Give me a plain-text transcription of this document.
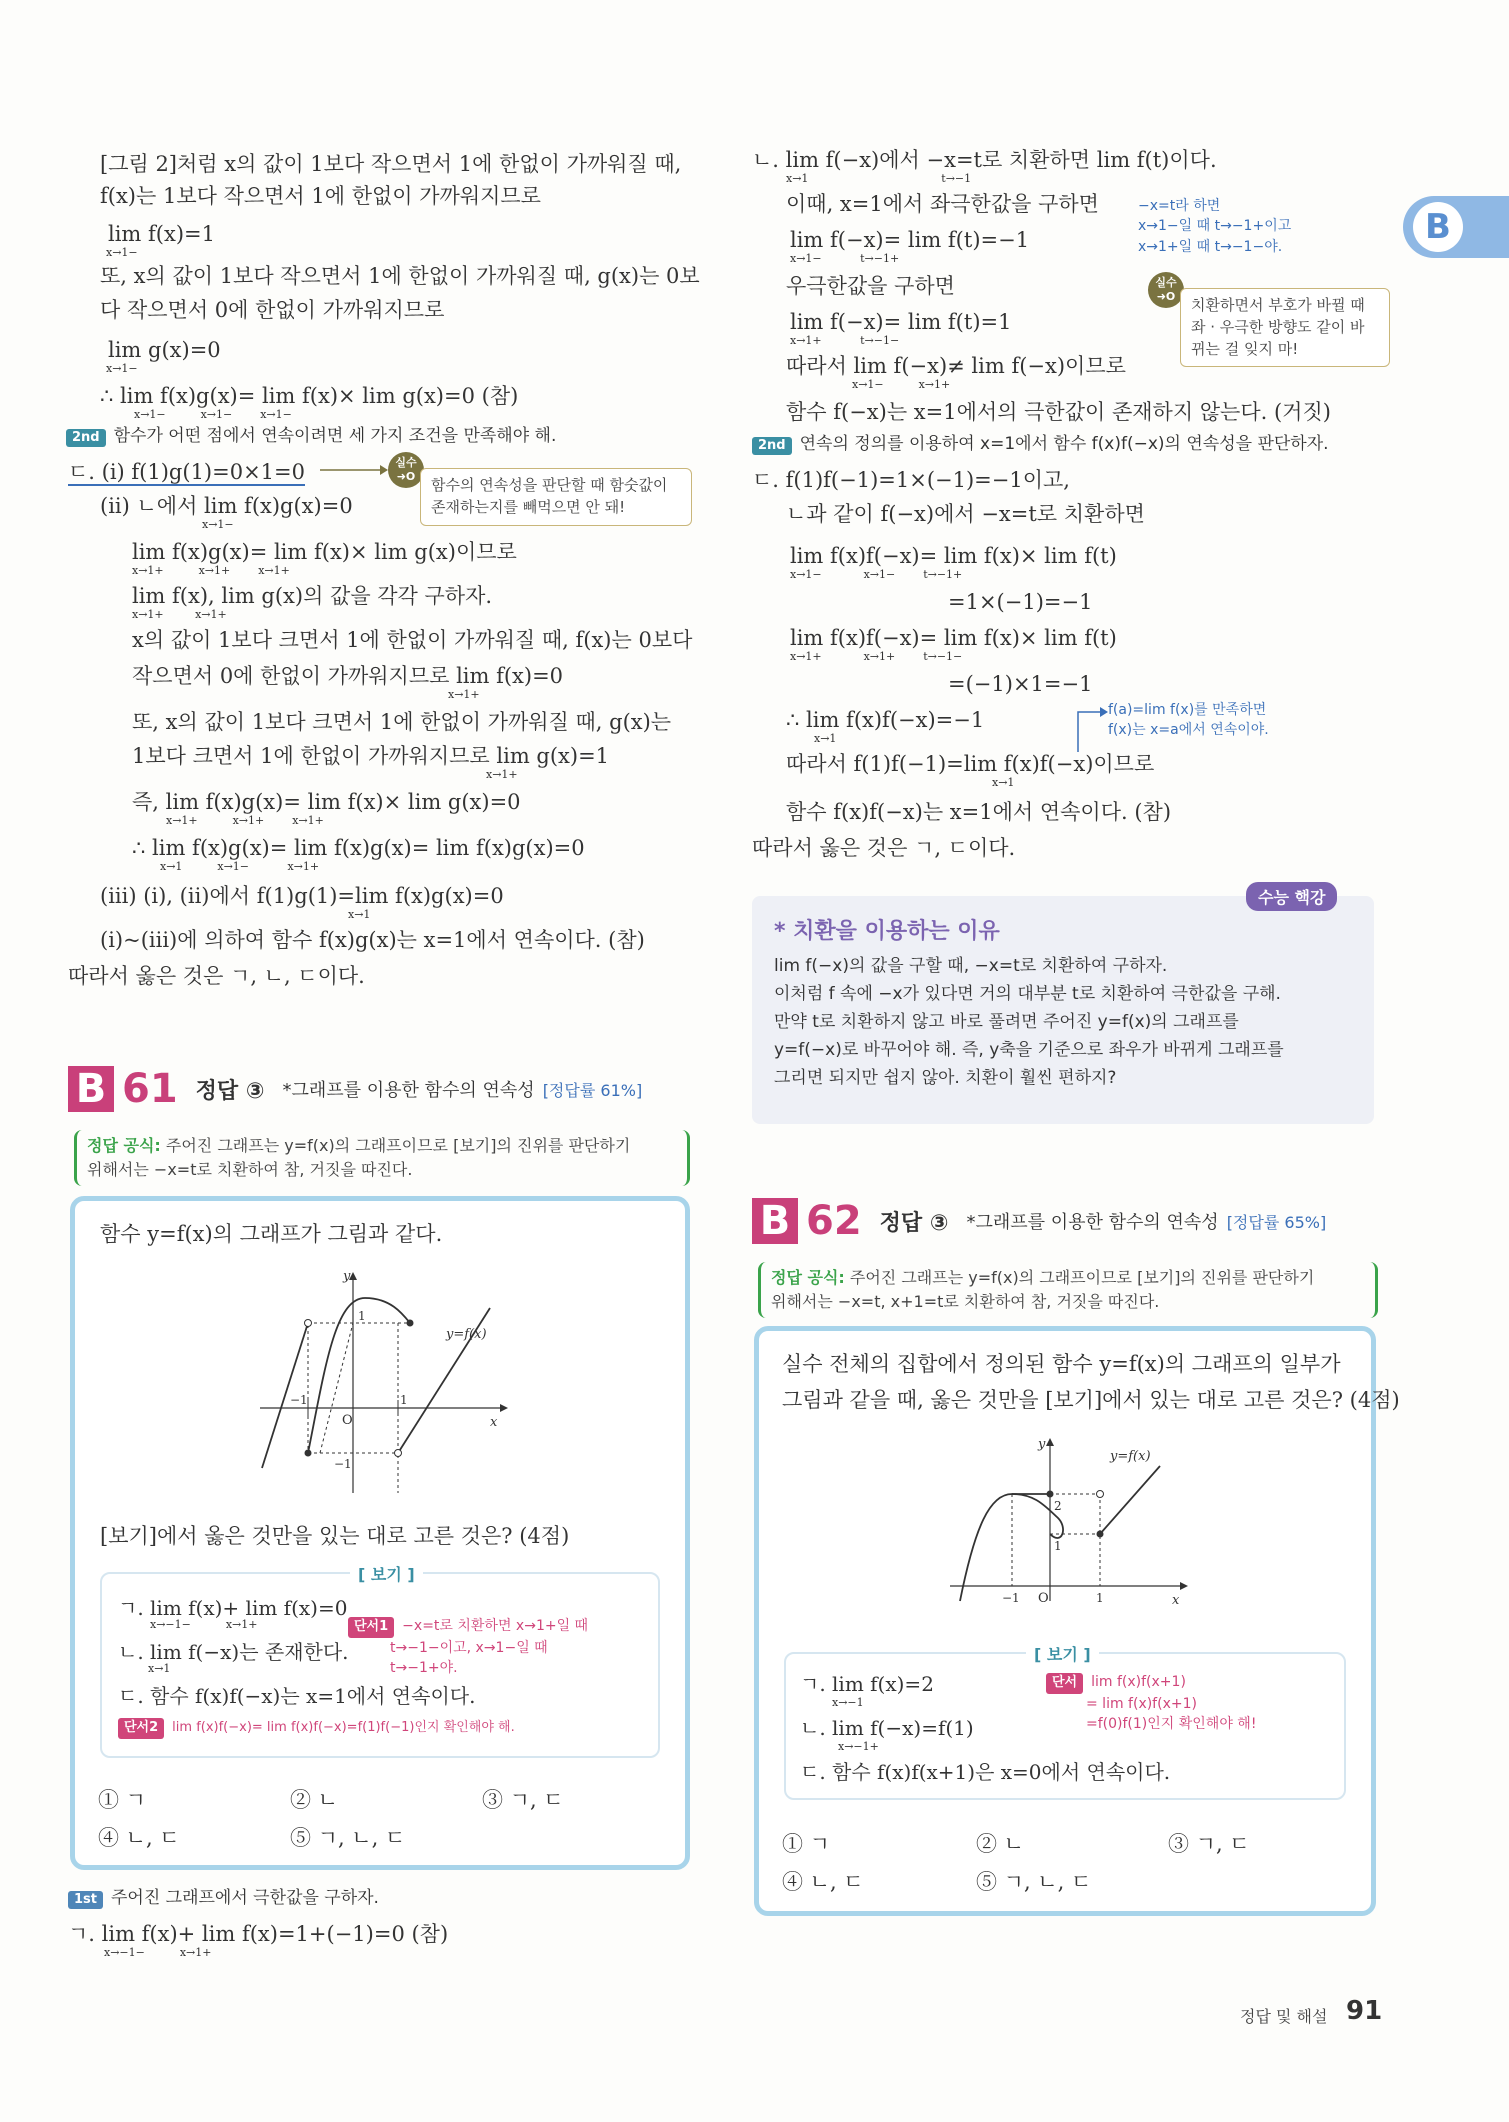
B
[그림 2]처럼 x의 값이 1보다 작으면서 1에 한없이 가까워질 때,
f(x)는 1보다 작으면서 1에 한없이 가까워지므로
lim f(x)=1
x→1−
또, x의 값이 1보다 작으면서 1에 한없이 가까워질 때, g(x)는 0보
다 작으면서 0에 한없이 가까워지므로
lim g(x)=0
x→1−
∴ lim f(x)g(x)= lim f(x)× lim g(x)=0 (참)
x→1−          x→1−        x→1−
2nd 함수가 어떤 점에서 연속이려면 세 가지 조건을 만족해야 해.
ㄷ. (i) f(1)g(1)=0×1=0	실수 ➜O	함수의 연속성을 판단할 때 함숫값이
존재하는지를 빼먹으면 안 돼!
(ii) ㄴ에서 lim f(x)g(x)=0
x→1−
lim f(x)g(x)= lim f(x)× lim g(x)이므로
x→1+          x→1+        x→1+
lim f(x), lim g(x)의 값을 각각 구하자.
x→1+         x→1+
x의 값이 1보다 크면서 1에 한없이 가까워질 때, f(x)는 0보다
작으면서 0에 한없이 가까워지므로 lim f(x)=0
x→1+
또, x의 값이 1보다 크면서 1에 한없이 가까워질 때, g(x)는
1보다 크면서 1에 한없이 가까워지므로 lim g(x)=1
x→1+
즉, lim f(x)g(x)= lim f(x)× lim g(x)=0
x→1+          x→1+        x→1+
∴ lim f(x)g(x)= lim f(x)g(x)= lim f(x)g(x)=0
x→1          x→1−           x→1+
(iii) (i), (ii)에서 f(1)g(1)=lim f(x)g(x)=0
x→1
(i)~(iii)에 의하여 함수 f(x)g(x)는 x=1에서 연속이다. (참)
따라서 옳은 것은 ㄱ, ㄴ, ㄷ이다.
B 61 정답 ③ *그래프를 이용한 함수의 연속성 [정답률 61%]
정답 공식: 주어진 그래프는 y=f(x)의 그래프이므로 [보기]의 진위를 판단하기
위해서는 −x=t로 치환하여 참, 거짓을 따진다.
함수 y=f(x)의 그래프가 그림과 같다.
y
x
O
−1	1
1
−1
y=f(x)
[보기]에서 옳은 것만을 있는 대로 고른 것은? (4점)
[ 보기 ]
ㄱ. lim f(x)+ lim f(x)=0
x→−1−          x→1+
ㄴ. lim f(−x)는 존재한다.
x→1
ㄷ. 함수 f(x)f(−x)는 x=1에서 연속이다.
단서1 −x=t로 치환하면 x→1+일 때
t→−1−이고, x→1−일 때
t→−1+야.
단서2 lim f(x)f(−x)= lim f(x)f(−x)=f(1)f(−1)인지 확인해야 해.
① ㄱ	② ㄴ	③ ㄱ, ㄷ
④ ㄴ, ㄷ	⑤ ㄱ, ㄴ, ㄷ
1st 주어진 그래프에서 극한값을 구하자.
ㄱ. lim f(x)+ lim f(x)=1+(−1)=0 (참)
x→−1−          x→1+
ㄴ. lim f(−x)에서 −x=t로 치환하면 lim f(t)이다.
x→1                                      t→−1
이때, x=1에서 좌극한값을 구하면	−x=t라 하면
x→1−일 때 t→−1+이고
x→1+일 때 t→−1−야.
lim f(−x)= lim f(t)=−1
x→1−           t→−1+
우극한값을 구하면	실수 ➜O	치환하면서 부호가 바뀔 때
좌 · 우극한 방향도 같이 바
뀌는 걸 잊지 마!
lim f(−x)= lim f(t)=1
x→1+           t→−1−
따라서 lim f(−x)≠ lim f(−x)이므로
x→1−          x→1+
함수 f(−x)는 x=1에서의 극한값이 존재하지 않는다. (거짓)
2nd 연속의 정의를 이용하여 x=1에서 함수 f(x)f(−x)의 연속성을 판단하자.
ㄷ. f(1)f(−1)=1×(−1)=−1이고,
ㄴ과 같이 f(−x)에서 −x=t로 치환하면
lim f(x)f(−x)= lim f(x)× lim f(t)
x→1−            x→1−        t→−1+
=1×(−1)=−1
lim f(x)f(−x)= lim f(x)× lim f(t)
x→1+            x→1+        t→−1−
=(−1)×1=−1
∴ lim f(x)f(−x)=−1
x→1
f(a)=lim f(x)를 만족하면
f(x)는 x=a에서 연속이야.
따라서 f(1)f(−1)=lim f(x)f(−x)이므로
x→1
함수 f(x)f(−x)는 x=1에서 연속이다. (참)
따라서 옳은 것은 ㄱ, ㄷ이다.
수능 핵강
* 치환을 이용하는 이유
lim f(−x)의 값을 구할 때, −x=t로 치환하여 구하자.
이처럼 f 속에 −x가 있다면 거의 대부분 t로 치환하여 극한값을 구해.
만약 t로 치환하지 않고 바로 풀려면 주어진 y=f(x)의 그래프를
y=f(−x)로 바꾸어야 해. 즉, y축을 기준으로 좌우가 바뀌게 그래프를
그리면 되지만 쉽지 않아. 치환이 훨씬 편하지?
B 62 정답 ③ *그래프를 이용한 함수의 연속성 [정답률 65%]
정답 공식: 주어진 그래프는 y=f(x)의 그래프이므로 [보기]의 진위를 판단하기
위해서는 −x=t, x+1=t로 치환하여 참, 거짓을 따진다.
실수 전체의 집합에서 정의된 함수 y=f(x)의 그래프의 일부가
그림과 같을 때, 옳은 것만을 [보기]에서 있는 대로 고른 것은? (4점)
y
x
O
−1	1
2
1
y=f(x)
[ 보기 ]
ㄱ. lim f(x)=2
x→−1
ㄴ. lim f(−x)=f(1)
x→−1+
ㄷ. 함수 f(x)f(x+1)은 x=0에서 연속이다.
단서 lim f(x)f(x+1)
= lim f(x)f(x+1)
=f(0)f(1)인지 확인해야 해!
① ㄱ	② ㄴ	③ ㄱ, ㄷ
④ ㄴ, ㄷ	⑤ ㄱ, ㄴ, ㄷ
정답 및 해설 91
